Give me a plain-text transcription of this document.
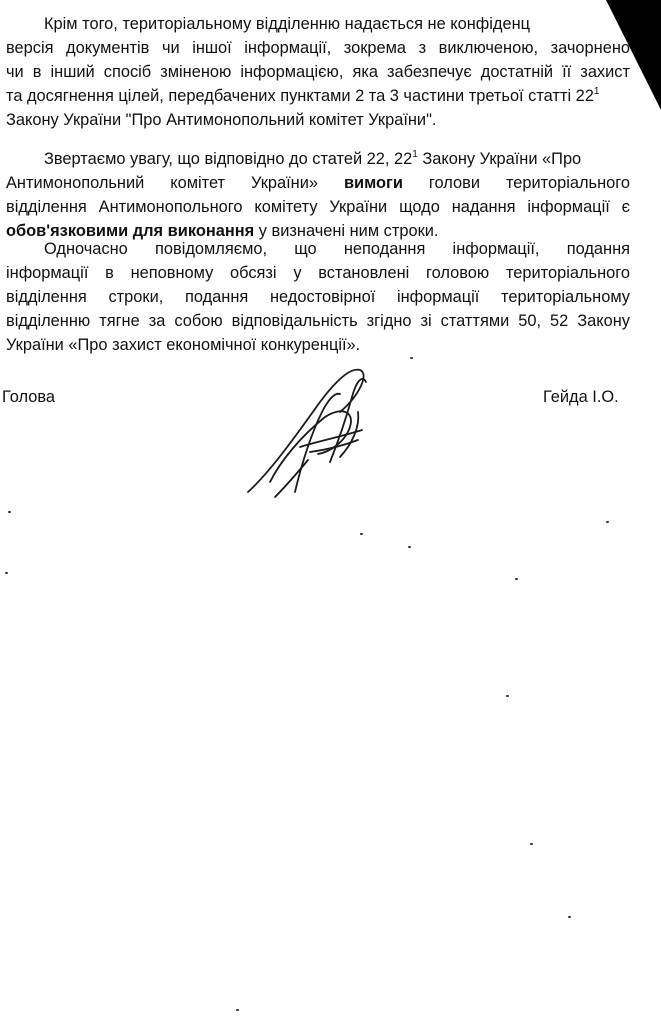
Крім того, територіальному відділенню надається не конфіденц
версія документів чи іншої інформації, зокрема з виключеною, зачорнено
чи в інший спосіб зміненою інформацією, яка забезпечує достатній її захист
та досягнення цілей, передбачених пунктами 2 та 3 частини третьої статті $22^1$
Закону України "Про Антимонопольний комітет України".
Звертаємо увагу, що відповідно до статей 22, $22^1$ Закону України «Про
Антимонопольний комітет України» вимоги голови територіального
відділення Антимонопольного комітету України щодо надання інформації є
обов'язковими для виконання у визначені ним строки.
Одночасно повідомляємо, що неподання інформації, подання
інформації в неповному обсязі у встановлені головою територіального
відділення строки, подання недостовірної інформації територіальному
відділенню тягне за собою відповідальність згідно зі статтями 50, 52 Закону
України «Про захист економічної конкуренції».
Голова	Гейда І.О.
